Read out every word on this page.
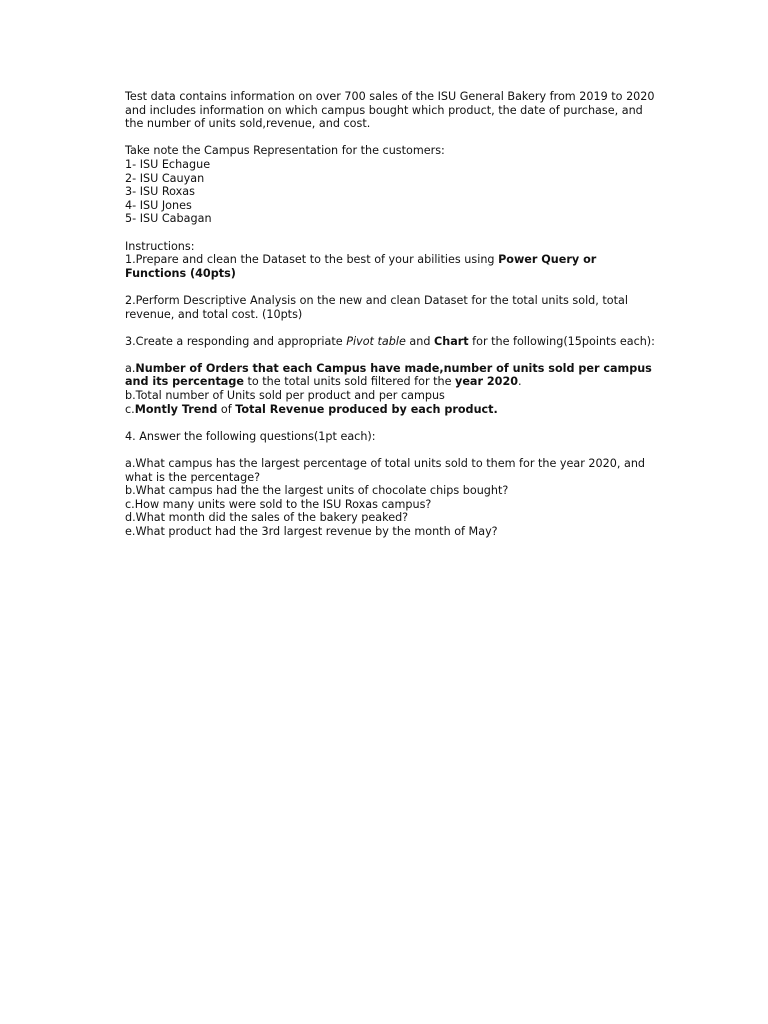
Test data contains information on over 700 sales of the ISU General Bakery from 2019 to 2020
and includes information on which campus bought which product, the date of purchase, and
the number of units sold,revenue, and cost.
Take note the Campus Representation for the customers:
1- ISU Echague
2- ISU Cauyan
3- ISU Roxas
4- ISU Jones
5- ISU Cabagan
Instructions:
1.Prepare and clean the Dataset to the best of your abilities using Power Query or
Functions (40pts)
2.Perform Descriptive Analysis on the new and clean Dataset for the total units sold, total
revenue, and total cost. (10pts)
3.Create a responding and appropriate Pivot table and Chart for the following(15points each):
a.Number of Orders that each Campus have made,number of units sold per campus
and its percentage to the total units sold filtered for the year 2020.
b.Total number of Units sold per product and per campus
c.Montly Trend of Total Revenue produced by each product.
4. Answer the following questions(1pt each):
a.What campus has the largest percentage of total units sold to them for the year 2020, and
what is the percentage?
b.What campus had the the largest units of chocolate chips bought?
c.How many units were sold to the ISU Roxas campus?
d.What month did the sales of the bakery peaked?
e.What product had the 3rd largest revenue by the month of May?
